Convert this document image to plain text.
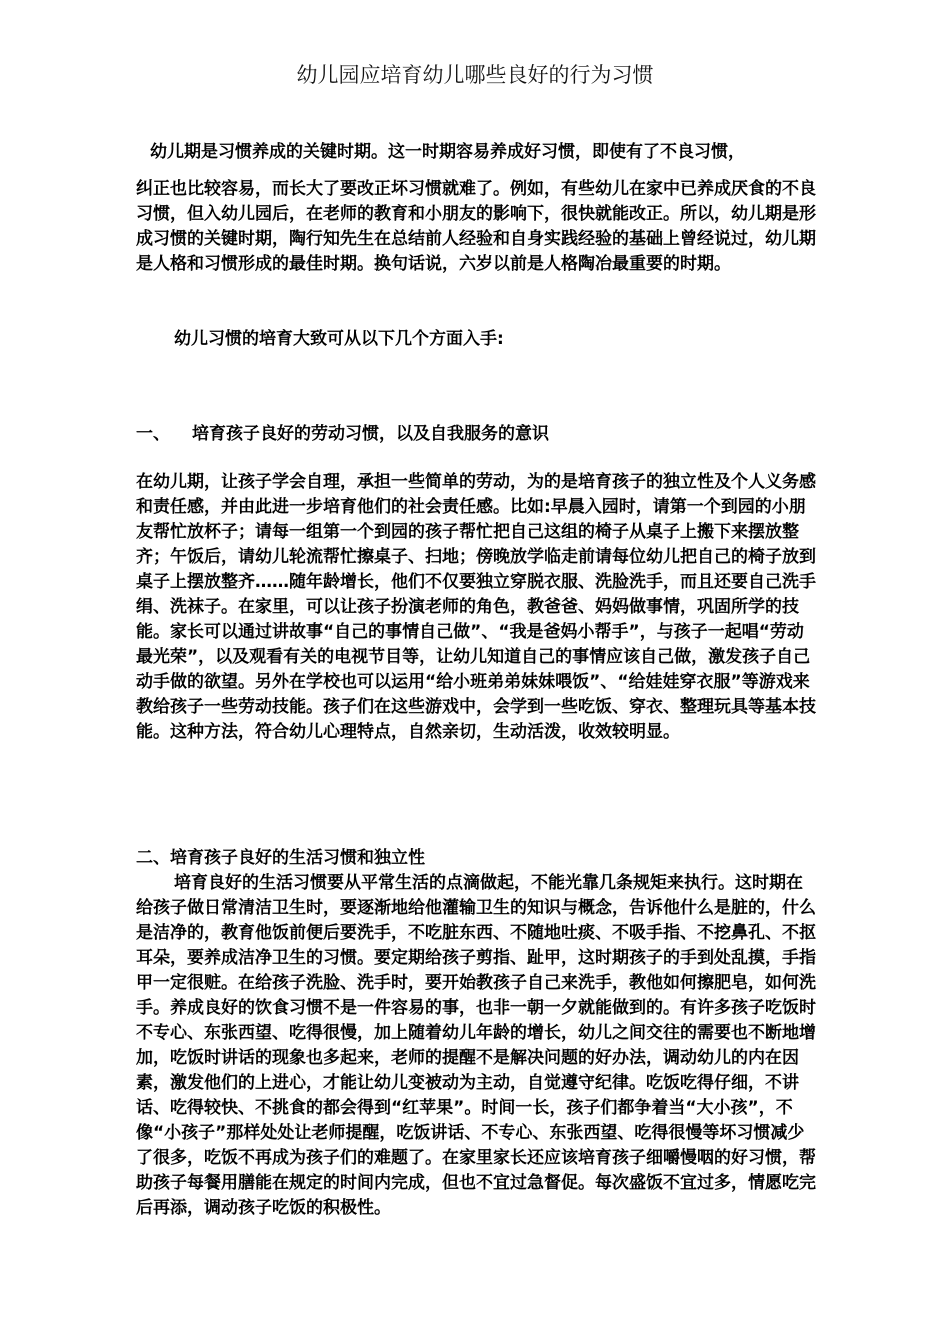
幼儿园应培育幼儿哪些良好的行为习惯

幼儿期是习惯养成的关键时期。这一时期容易养成好习惯，即使有了不良习惯，

纠正也比较容易，而长大了要改正坏习惯就难了。例如，有些幼儿在家中已养成厌食的不良习惯，但入幼儿园后，在老师的教育和小朋友的影响下，很快就能改正。所以，幼儿期是形成习惯的关键时期，陶行知先生在总结前人经验和自身实践经验的基础上曾经说过，幼儿期是人格和习惯形成的最佳时期。换句话说，六岁以前是人格陶冶最重要的时期。

幼儿习惯的培育大致可从以下几个方面入手:

一、 培育孩子良好的劳动习惯，以及自我服务的意识

在幼儿期，让孩子学会自理，承担一些简单的劳动，为的是培育孩子的独立性及个人义务感和责任感，并由此进一步培育他们的社会责任感。比如:早晨入园时，请第一个到园的小朋友帮忙放杯子；请每一组第一个到园的孩子帮忙把自己这组的椅子从桌子上搬下来摆放整齐；午饭后，请幼儿轮流帮忙擦桌子、扫地；傍晚放学临走前请每位幼儿把自己的椅子放到桌子上摆放整齐……随年龄增长，他们不仅要独立穿脱衣服、洗脸洗手，而且还要自己洗手绢、洗袜子。在家里，可以让孩子扮演老师的角色，教爸爸、妈妈做事情，巩固所学的技能。家长可以通过讲故事“自己的事情自己做”、“我是爸妈小帮手”，与孩子一起唱“劳动最光荣”，以及观看有关的电视节目等，让幼儿知道自己的事情应该自己做，激发孩子自己动手做的欲望。另外在学校也可以运用“给小班弟弟妹妹喂饭”、“给娃娃穿衣服”等游戏来教给孩子一些劳动技能。孩子们在这些游戏中，会学到一些吃饭、穿衣、整理玩具等基本技能。这种方法，符合幼儿心理特点，自然亲切，生动活泼，收效较明显。

二、培育孩子良好的生活习惯和独立性

培育良好的生活习惯要从平常生活的点滴做起，不能光靠几条规矩来执行。这时期在给孩子做日常清洁卫生时，要逐渐地给他灌输卫生的知识与概念，告诉他什么是脏的，什么是洁净的，教育他饭前便后要洗手，不吃脏东西、不随地吐痰、不吸手指、不挖鼻孔、不抠耳朵，要养成洁净卫生的习惯。要定期给孩子剪指、趾甲，这时期孩子的手到处乱摸，手指甲一定很赃。在给孩子洗脸、洗手时，要开始教孩子自己来洗手，教他如何擦肥皂，如何洗手。养成良好的饮食习惯不是一件容易的事，也非一朝一夕就能做到的。有许多孩子吃饭时不专心、东张西望、吃得很慢，加上随着幼儿年龄的增长，幼儿之间交往的需要也不断地增加，吃饭时讲话的现象也多起来，老师的提醒不是解决问题的好办法，调动幼儿的内在因素，激发他们的上进心，才能让幼儿变被动为主动，自觉遵守纪律。吃饭吃得仔细，不讲话、吃得较快、不挑食的都会得到“红苹果”。时间一长，孩子们都争着当“大小孩”，不像“小孩子”那样处处让老师提醒，吃饭讲话、不专心、东张西望、吃得很慢等坏习惯减少了很多，吃饭不再成为孩子们的难题了。在家里家长还应该培育孩子细嚼慢咽的好习惯，帮助孩子每餐用膳能在规定的时间内完成，但也不宜过急督促。每次盛饭不宜过多，情愿吃完后再添，调动孩子吃饭的积极性。
